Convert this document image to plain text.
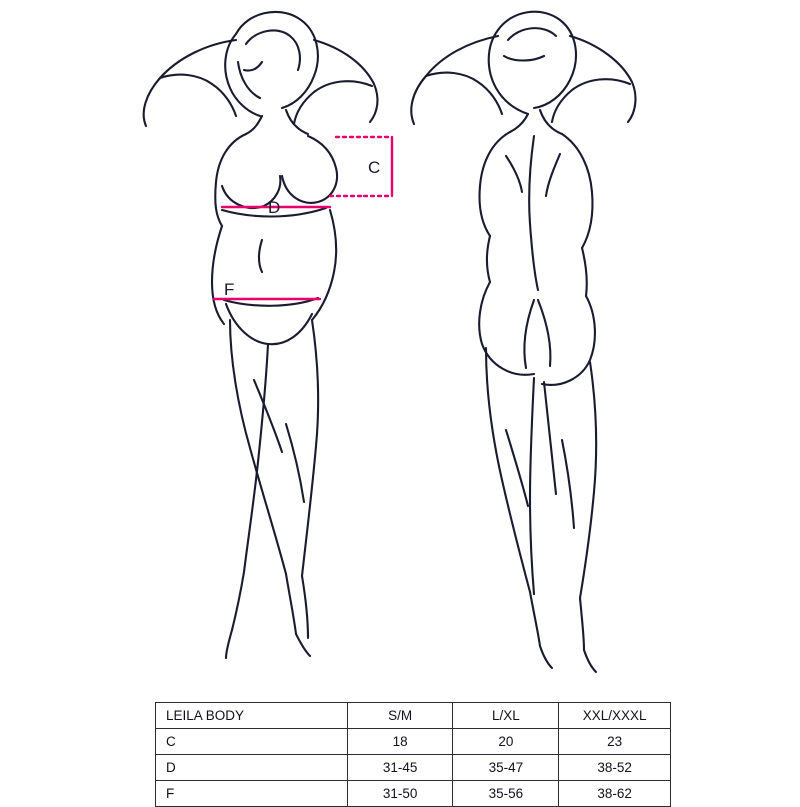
C
D
F
LEILA BODY	S/M	L/XL	XXL/XXXL
C	18	20	23
D	31-45	35-47	38-52
F	31-50	35-56	38-62
